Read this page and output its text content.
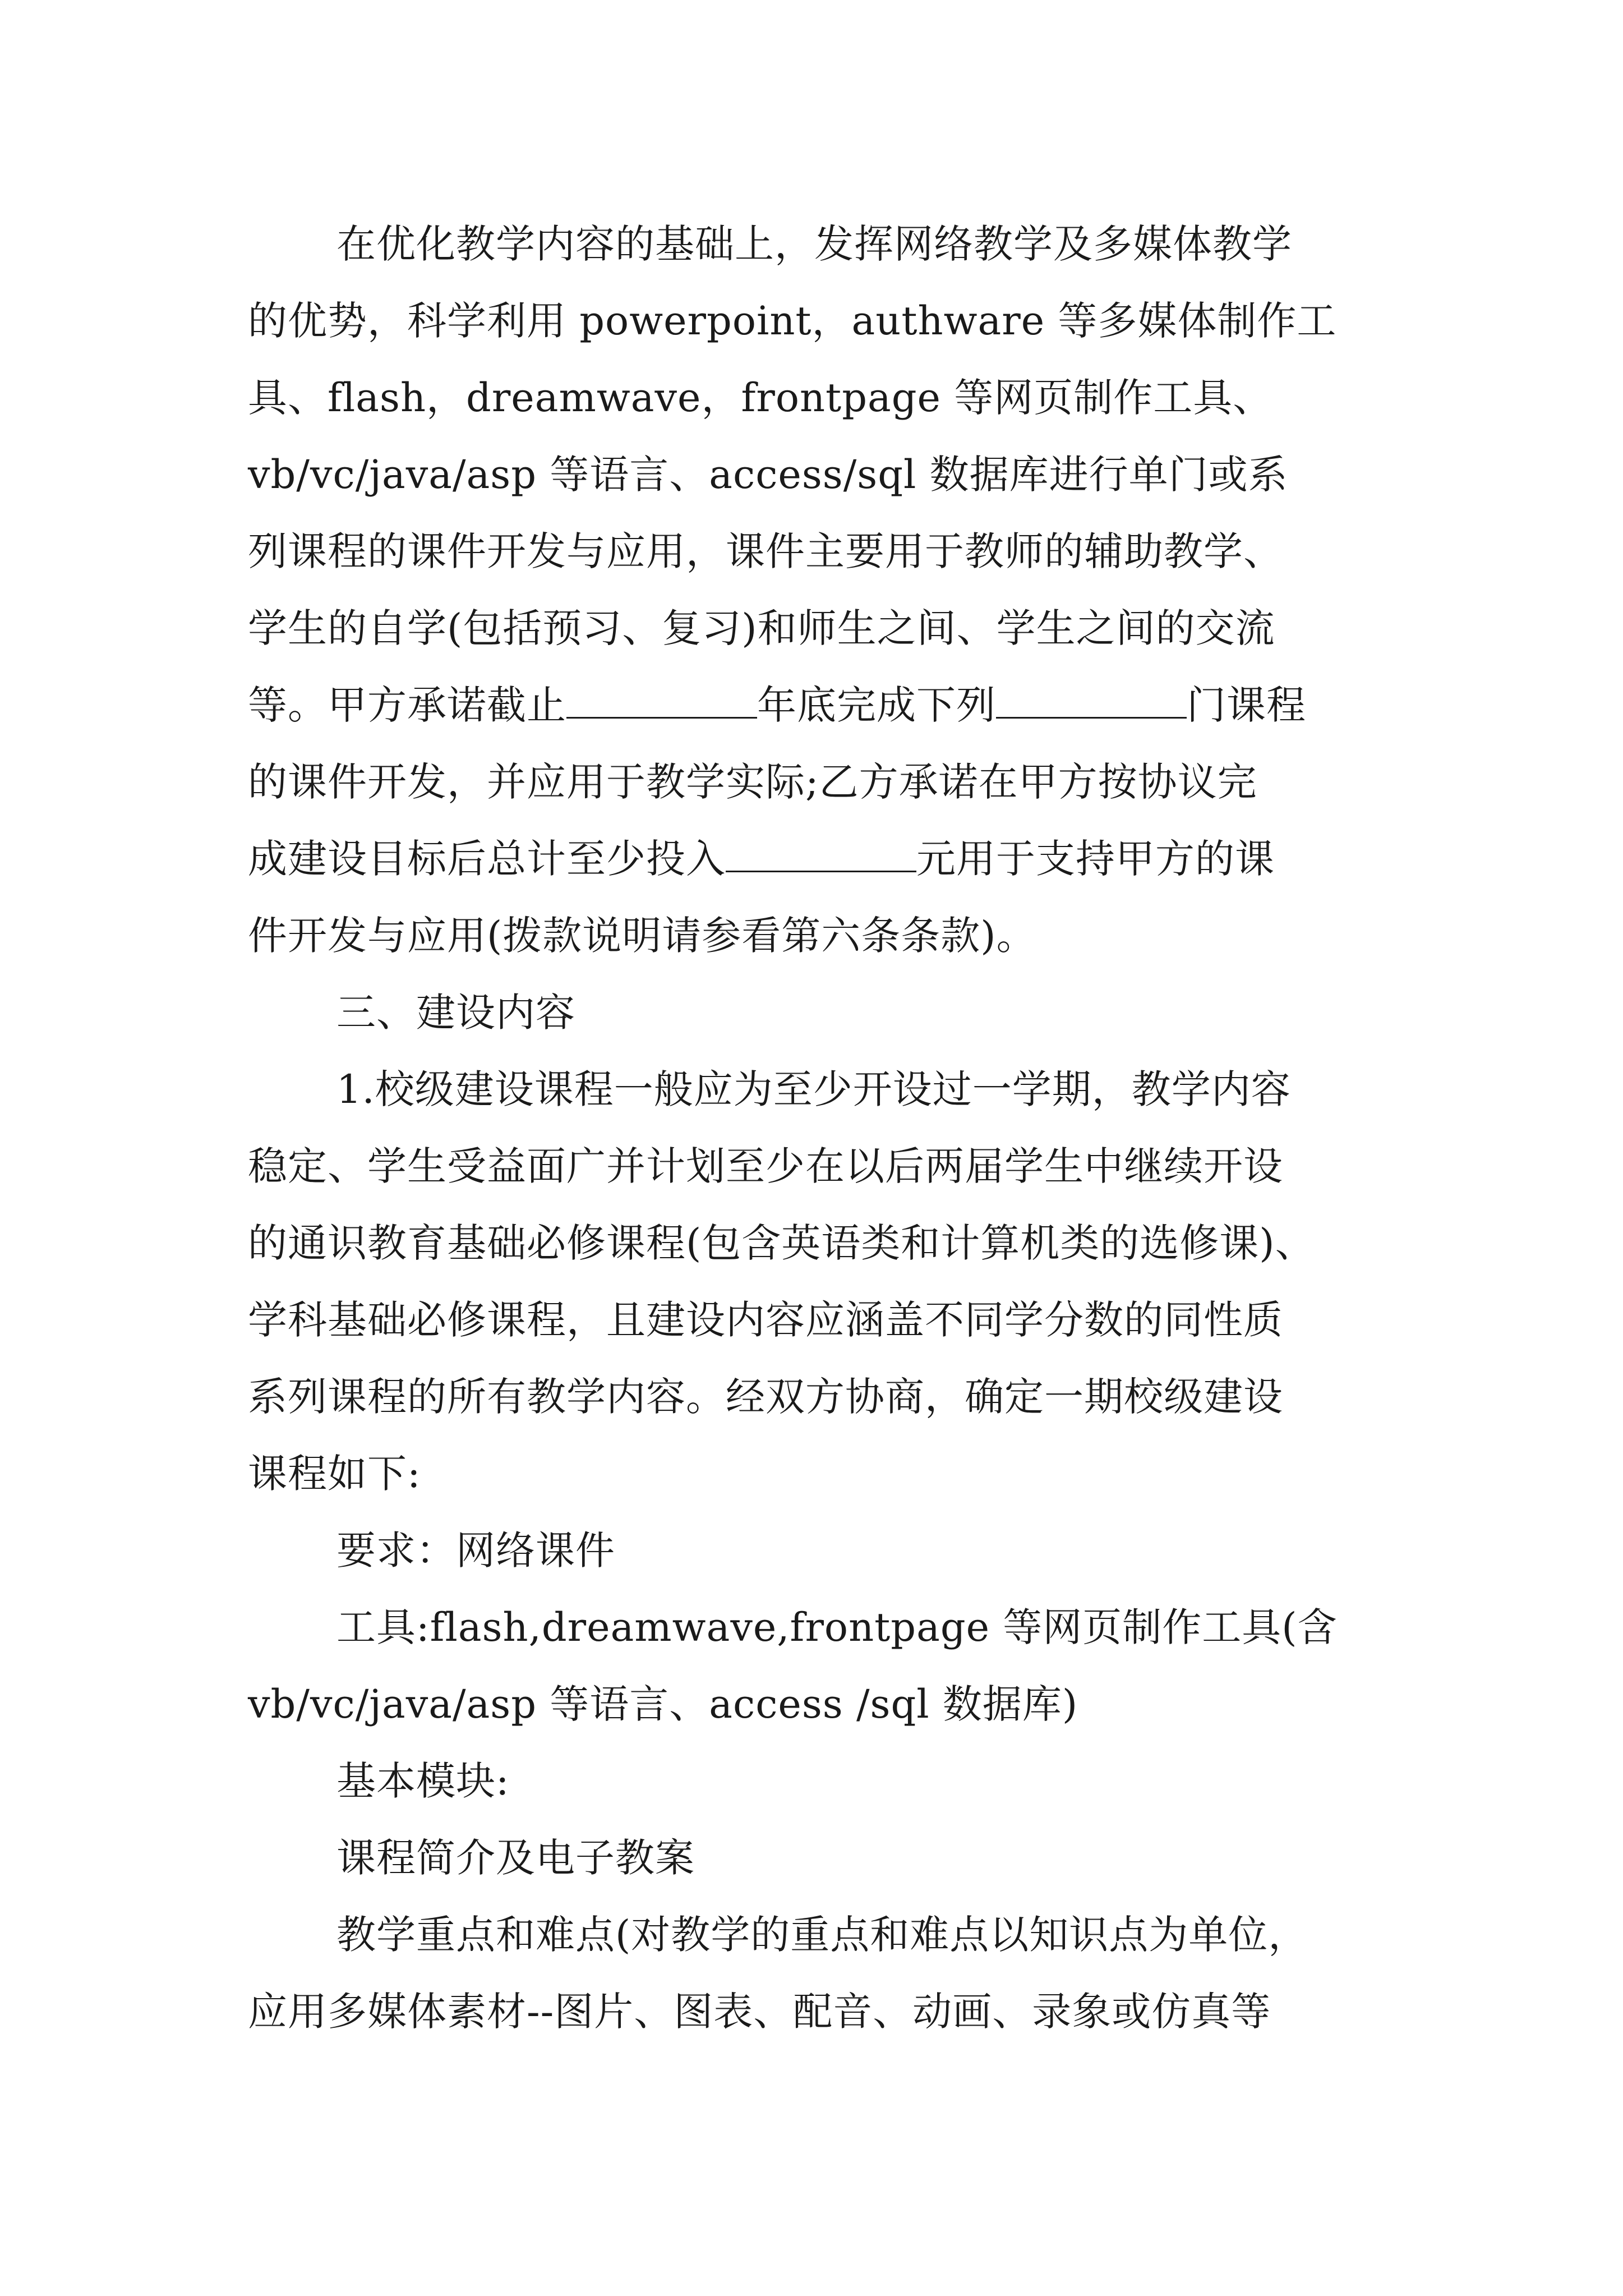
在优化教学内容的基础上，发挥网络教学及多媒体教学
的优势，科学利用 powerpoint，authware 等多媒体制作工
具、flash，dreamwave，frontpage 等网页制作工具、
vb/vc/java/asp 等语言、access/sql 数据库进行单门或系
列课程的课件开发与应用，课件主要用于教师的辅助教学、
学生的自学(包括预习、复习)和师生之间、学生之间的交流
等。甲方承诺截止	年底完成下列	门课程
的课件开发，并应用于教学实际;乙方承诺在甲方按协议完
成建设目标后总计至少投入	元用于支持甲方的课
件开发与应用(拨款说明请参看第六条条款)。
三、建设内容
1.校级建设课程一般应为至少开设过一学期，教学内容
稳定、学生受益面广并计划至少在以后两届学生中继续开设
的通识教育基础必修课程(包含英语类和计算机类的选修课)、
学科基础必修课程，且建设内容应涵盖不同学分数的同性质
系列课程的所有教学内容。经双方协商，确定一期校级建设
课程如下:
要求：网络课件
工具:flash,dreamwave,frontpage 等网页制作工具(含
vb/vc/java/asp 等语言、access /sql 数据库)
基本模块:
课程简介及电子教案
教学重点和难点(对教学的重点和难点以知识点为单位，
应用多媒体素材--图片、图表、配音、动画、录象或仿真等
